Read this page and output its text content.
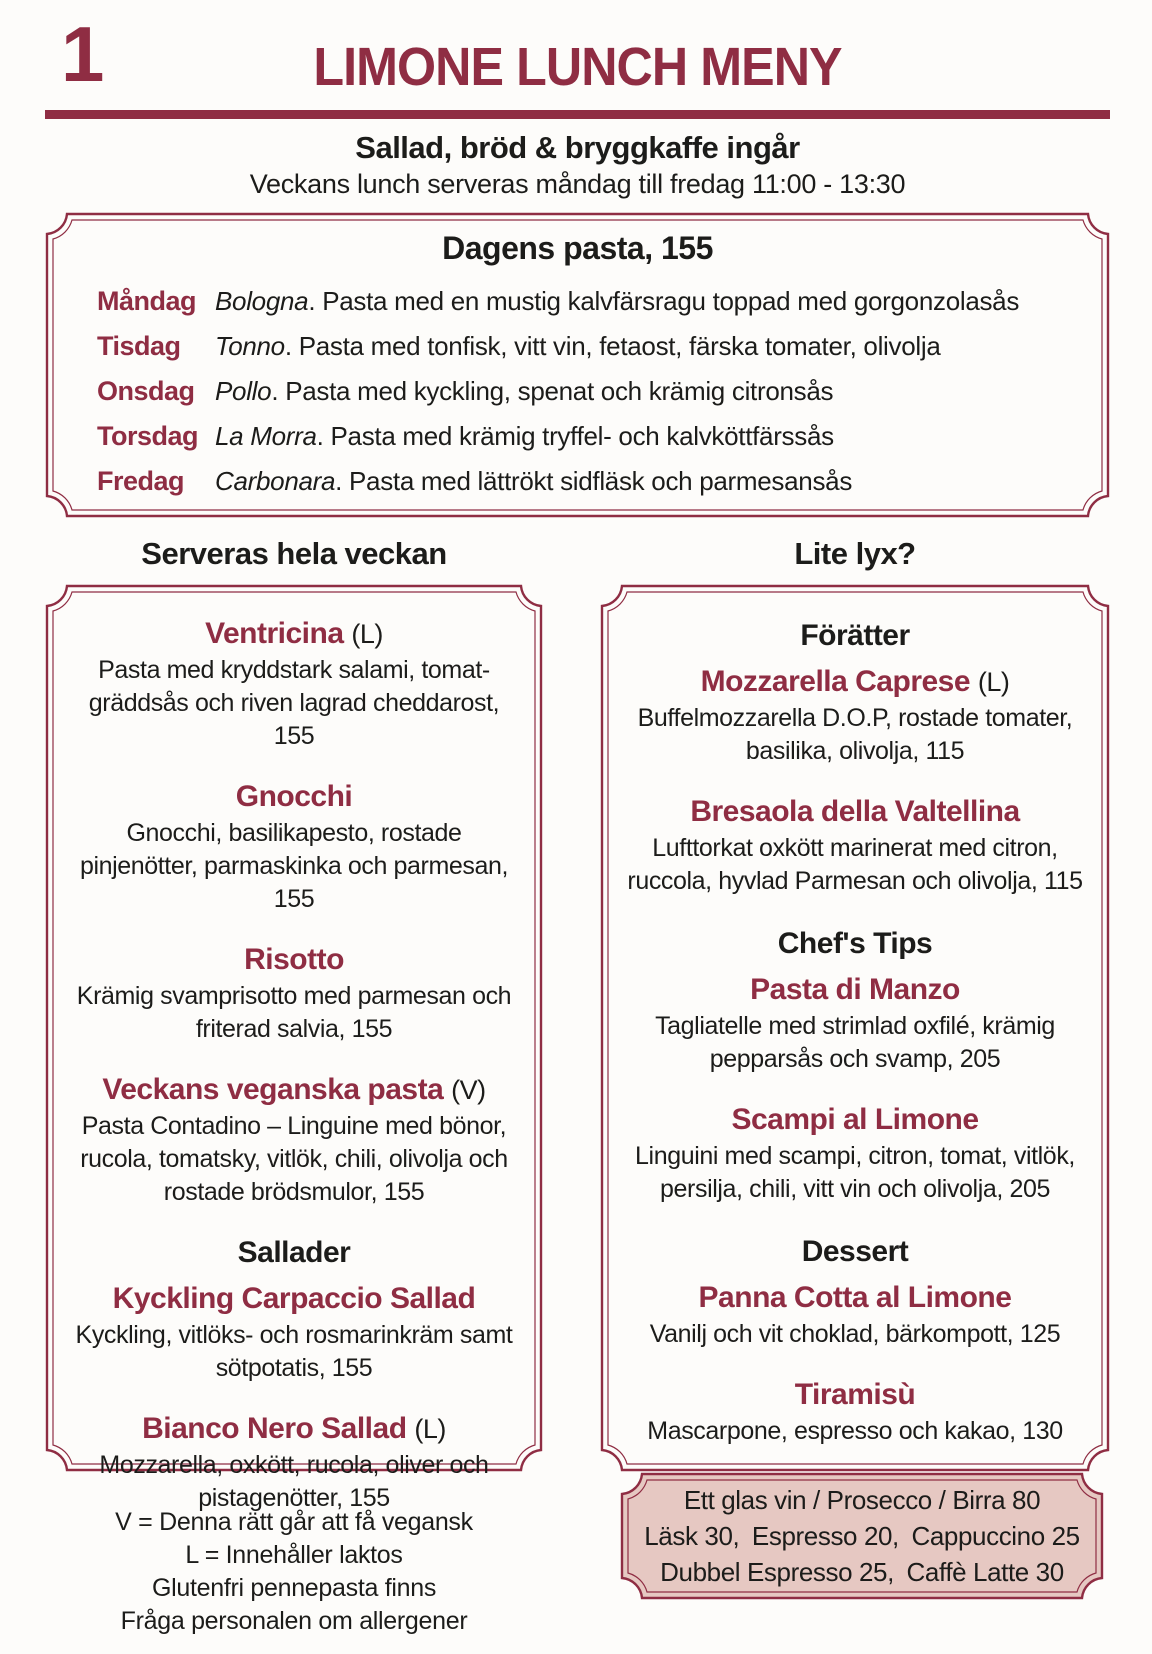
1	LIMONE LUNCH MENY

Sallad, bröd & bryggkaffe ingår

Veckans lunch serveras måndag till fredag 11:00 - 13:30

Dagens pasta, 155
Måndag Bologna. Pasta med en mustig kalvfärsragu toppad med gorgonzolasås
Tisdag	Tonno. Pasta med tonfisk, vitt vin, fetaost, färska tomater, olivolja
Onsdag Pollo. Pasta med kyckling, spenat och krämig citronsås
Torsdag La Morra. Pasta med krämig tryffel- och kalvköttfärssås
Fredag	Carbonara. Pasta med lättrökt sidfläsk och parmesansås
Serveras hela veckan	Lite lyx?
Ventricina (L)

Pasta med kryddstark salami, tomat-gräddsås och riven lagrad cheddarost, 155

Gnocchi

Gnocchi, basilikapesto, rostade pinjenötter, parmaskinka och parmesan, 155

Risotto

Krämig svamprisotto med parmesan och friterad salvia, 155

Veckans veganska pasta (V)

Pasta Contadino – Linguine med bönor, rucola, tomatsky, vitlök, chili, olivolja och rostade brödsmulor, 155

Sallader
Kyckling Carpaccio Sallad

Kyckling, vitlöks- och rosmarinkräm samt sötpotatis, 155

Bianco Nero Sallad (L)

Mozzarella, oxkött, rucola, oliver och pistagenötter, 155

Förätter
Mozzarella Caprese (L)

Buffelmozzarella D.O.P, rostade tomater, basilika, olivolja, 115

Bresaola della Valtellina

Lufttorkat oxkött marinerat med citron, ruccola, hyvlad Parmesan och olivolja, 115

Chef's Tips
Pasta di Manzo

Tagliatelle med strimlad oxfilé, krämig pepparsås och svamp, 205

Scampi al Limone

Linguini med scampi, citron, tomat, vitlök, persilja, chili, vitt vin och olivolja, 205

Dessert
Panna Cotta al Limone

Vanilj och vit choklad, bärkompott, 125

Tiramisù

Mascarpone, espresso och kakao, 130

V = Denna rätt går att få vegansk

L = Innehåller laktos

Glutenfri pennepasta finns

Fråga personalen om allergener

Ett glas vin / Prosecco / Birra 80

Läsk 30, Espresso 20, Cappuccino 25

Dubbel Espresso 25, Caffè Latte 30
